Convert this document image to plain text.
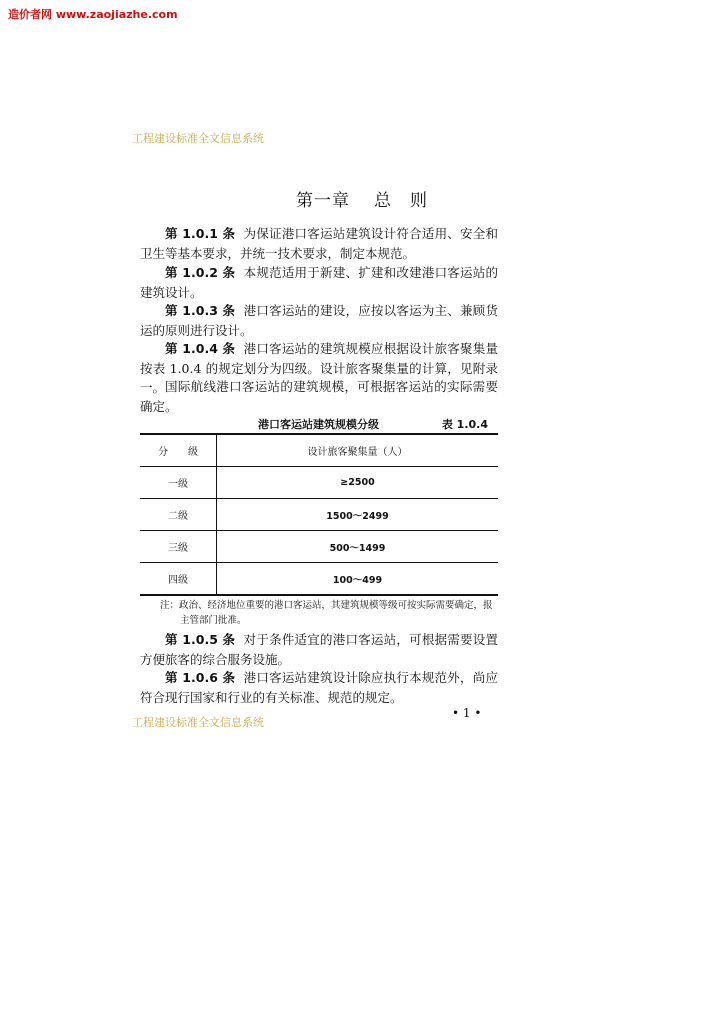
造价者网 www.zaojiazhe.com
工程建设标准全文信息系统
第一章 总　则
第 1.0.1 条 为保证港口客运站建筑设计符合适用、安全和卫生等基本要求，并统一技术要求，制定本规范。
第 1.0.2 条 本规范适用于新建、扩建和改建港口客运站的建筑设计。
第 1.0.3 条 港口客运站的建设，应按以客运为主、兼顾货运的原则进行设计。
第 1.0.4 条 港口客运站的建筑规模应根据设计旅客聚集量按表 1.0.4 的规定划分为四级。设计旅客聚集量的计算，见附录一。 国际航线港口客运站的建筑规模，可根据客运站的实际需要确定。
港口客运站建筑规模分级	表 1.0.4
分　　级	设计旅客聚集量（人）
一级	≥2500
二级	1500～2499
三级	500～1499
四级	100～499
注：政治、经济地位重要的港口客运站，其建筑规模等级可按实际需要确定，报
主管部门批准。
第 1.0.5 条 对于条件适宜的港口客运站，可根据需要设置方便旅客的综合服务设施。
第 1.0.6 条 港口客运站建筑设计除应执行本规范外，尚应符合现行国家和行业的有关标准、规范的规定。
工程建设标准全文信息系统
• 1 •
